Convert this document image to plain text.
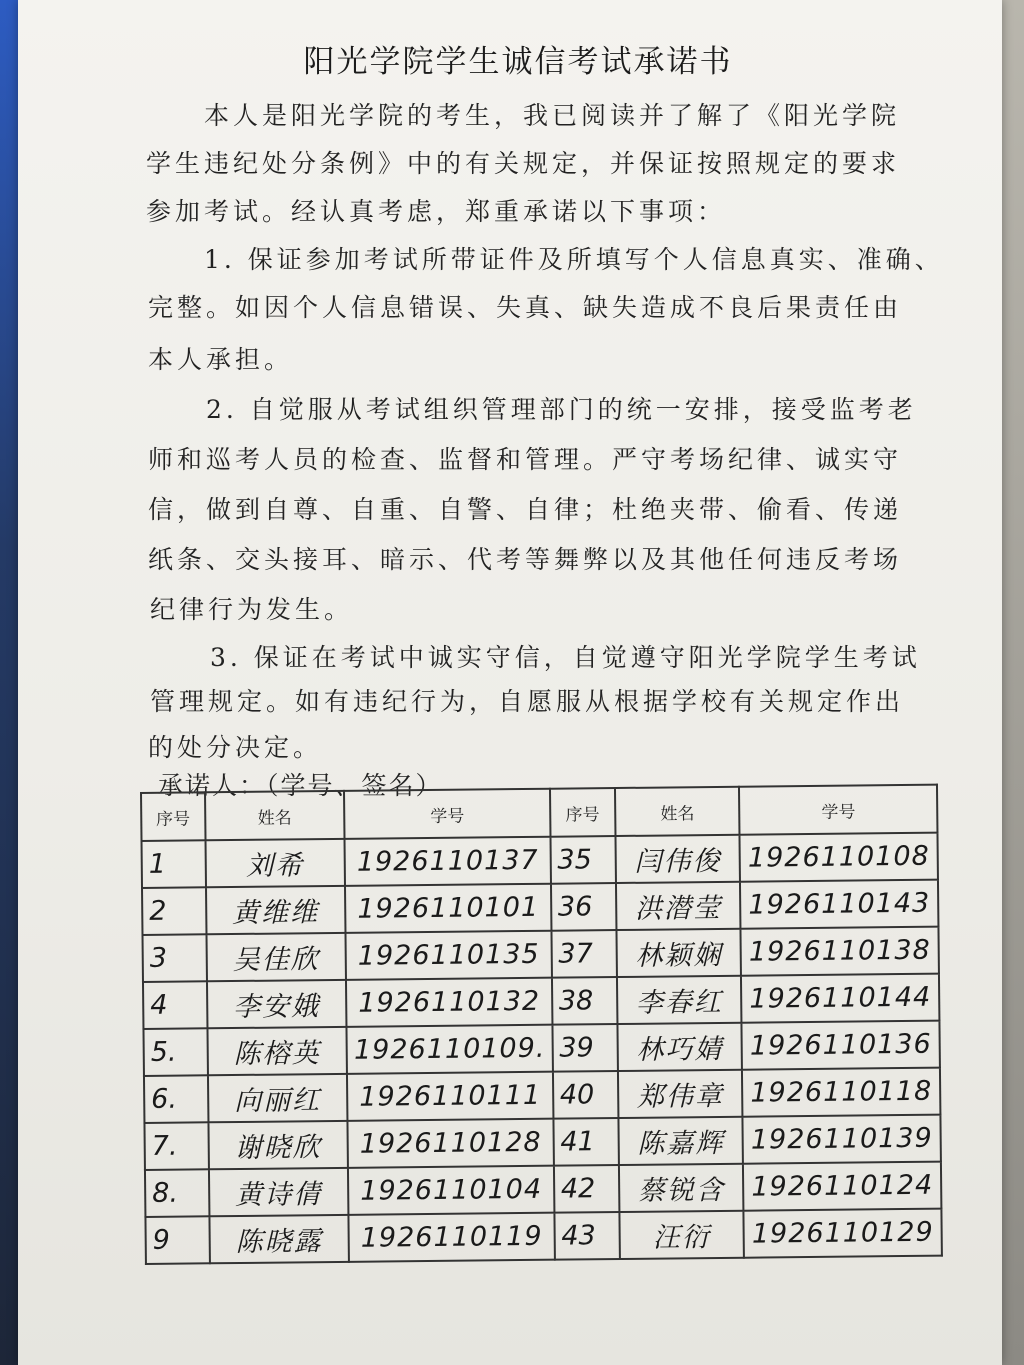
阳光学院学生诚信考试承诺书
本人是阳光学院的考生，我已阅读并了解了《阳光学院
学生违纪处分条例》中的有关规定，并保证按照规定的要求
参加考试。经认真考虑，郑重承诺以下事项：
1. 保证参加考试所带证件及所填写个人信息真实、准确、
完整。如因个人信息错误、失真、缺失造成不良后果责任由
本人承担。
2. 自觉服从考试组织管理部门的统一安排，接受监考老
师和巡考人员的检查、监督和管理。严守考场纪律、诚实守
信，做到自尊、自重、自警、自律；杜绝夹带、偷看、传递
纸条、交头接耳、暗示、代考等舞弊以及其他任何违反考场
纪律行为发生。
3. 保证在考试中诚实守信，自觉遵守阳光学院学生考试
管理规定。如有违纪行为，自愿服从根据学校有关规定作出
的处分决定。
承诺人：（学号、签名）
序号	姓名	学号	序号	姓名	学号
1	刘希	1926110137	35	闫伟俊	1926110108
2	黄维维	1926110101	36	洪潜莹	1926110143
3	吴佳欣	1926110135	37	林颖娴	1926110138
4	李安娥	1926110132	38	李春红	1926110144
5.	陈榕英	1926110109.	39	林巧婧	1926110136
6.	向丽红	1926110111	40	郑伟章	1926110118
7.	谢晓欣	1926110128	41	陈嘉辉	1926110139
8.	黄诗倩	1926110104	42	蔡锐含	1926110124
9	陈晓露	1926110119	43	汪衍	1926110129
